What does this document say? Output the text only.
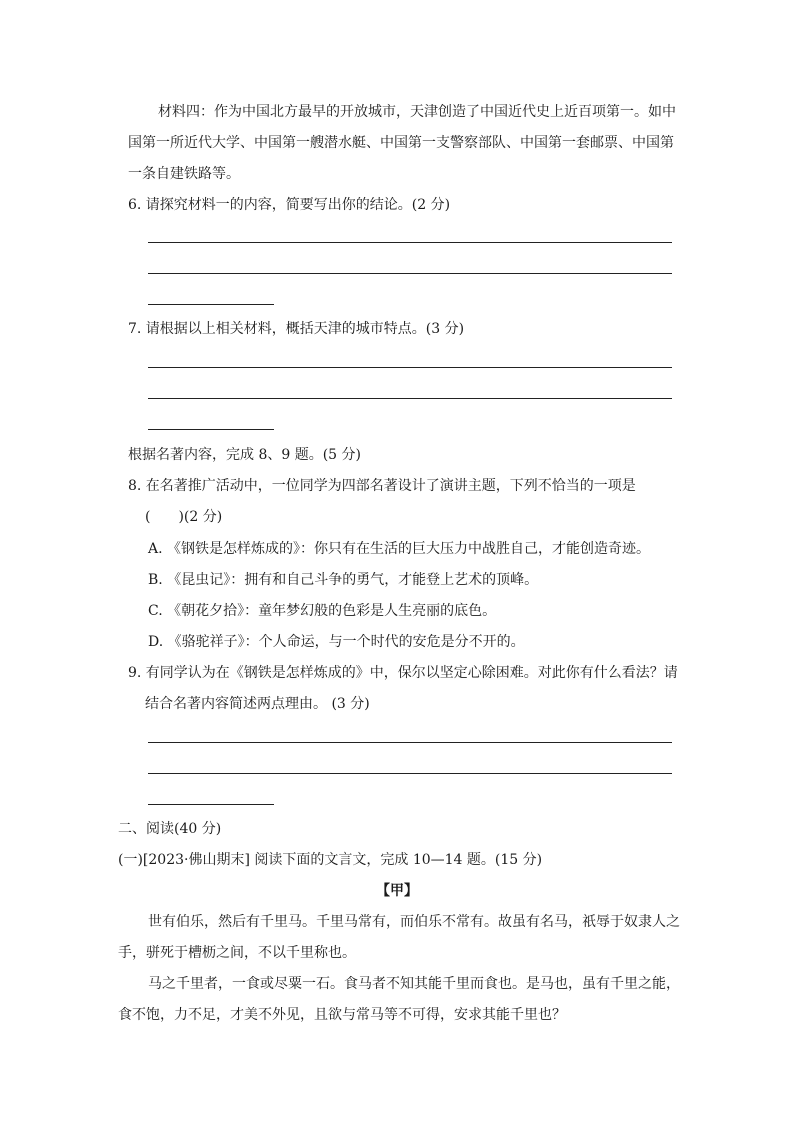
材料四：作为中国北方最早的开放城市，天津创造了中国近代史上近百项第一。如中
国第一所近代大学、中国第一艘潜水艇、中国第一支警察部队、中国第一套邮票、中国第
一条自建铁路等。
6. 请探究材料一的内容，简要写出你的结论。(2 分)
7. 请根据以上相关材料，概括天津的城市特点。(3 分)
根据名著内容，完成 8、9 题。(5 分)
8. 在名著推广活动中，一位同学为四部名著设计了演讲主题，下列不恰当的一项是
(　　)(2 分)
A. 《钢铁是怎样炼成的》：你只有在生活的巨大压力中战胜自己，才能创造奇迹。
B. 《昆虫记》：拥有和自己斗争的勇气，才能登上艺术的顶峰。
C. 《朝花夕拾》：童年梦幻般的色彩是人生亮丽的底色。
D. 《骆驼祥子》：个人命运，与一个时代的安危是分不开的。
9. 有同学认为在《钢铁是怎样炼成的》中，保尔以坚定心除困难。对此你有什么看法？请
结合名著内容简述两点理由。 (3 分)
二、阅读(40 分)
(一)[2023·佛山期末] 阅读下面的文言文，完成 10—14 题。(15 分)
【甲】
世有伯乐，然后有千里马。千里马常有，而伯乐不常有。故虽有名马，祇辱于奴隶人之
手，骈死于槽枥之间，不以千里称也。
马之千里者，一食或尽粟一石。食马者不知其能千里而食也。是马也，虽有千里之能，
食不饱，力不足，才美不外见，且欲与常马等不可得，安求其能千里也？
